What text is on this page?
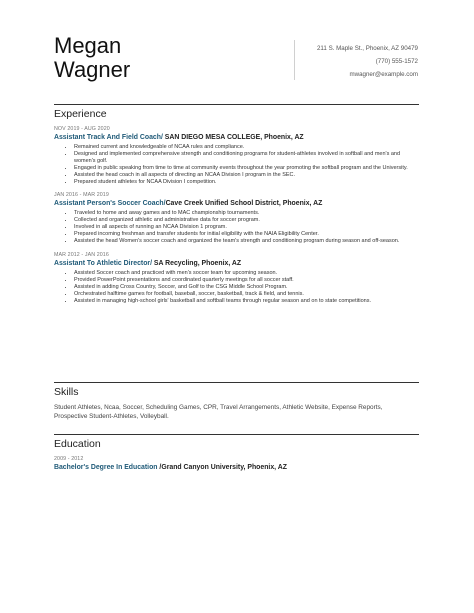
Megan
Wagner
211 S. Maple St., Phoenix, AZ 90479
(770) 555-1572
mwagner@example.com
Experience
NOV 2019 - AUG 2020
Assistant Track And Field Coach/ SAN DIEGO MESA COLLEGE, Phoenix, AZ
• Remained current and knowledgeable of NCAA rules and compliance.
• Designed and implemented comprehensive strength and conditioning programs for student-athletes involved in softball and men's and women's golf.
• Engaged in public speaking from time to time at community events throughout the year promoting the softball program and the University.
• Assisted the head coach in all aspects of directing an NCAA Division I program in the SEC.
• Prepared student athletes for NCAA Division I competition.
JAN 2016 - MAR 2019
Assistant Person's Soccer Coach/Cave Creek Unified School District, Phoenix, AZ
• Traveled to home and away games and to MAC championship tournaments.
• Collected and organized athletic and administrative data for soccer program.
• Involved in all aspects of running an NCAA Division 1 program.
• Prepared incoming freshman and transfer students for initial eligibility with the NAIA Eligibility Center.
• Assisted the head Women's soccer coach and organized the team's strength and conditioning program during season and off-season.
MAR 2012 - JAN 2016
Assistant To Athletic Director/ SA Recycling, Phoenix, AZ
• Assisted Soccer coach and practiced with men's soccer team for upcoming season.
• Provided PowerPoint presentations and coordinated quarterly meetings for all soccer staff.
• Assisted in adding Cross Country, Soccer, and Golf to the CSG Middle School Program.
• Orchestrated halftime games for football, baseball, soccer, basketball, track & field, and tennis.
• Assisted in managing high-school girls' basketball and softball teams through regular season and on to state competitions.
Skills
Student Athletes, Ncaa, Soccer, Scheduling Games, CPR, Travel Arrangements, Athletic Website, Expense Reports, Prospective Student-Athletes, Volleyball.
Education
2009 - 2012
Bachelor's Degree In Education /Grand Canyon University, Phoenix, AZ
